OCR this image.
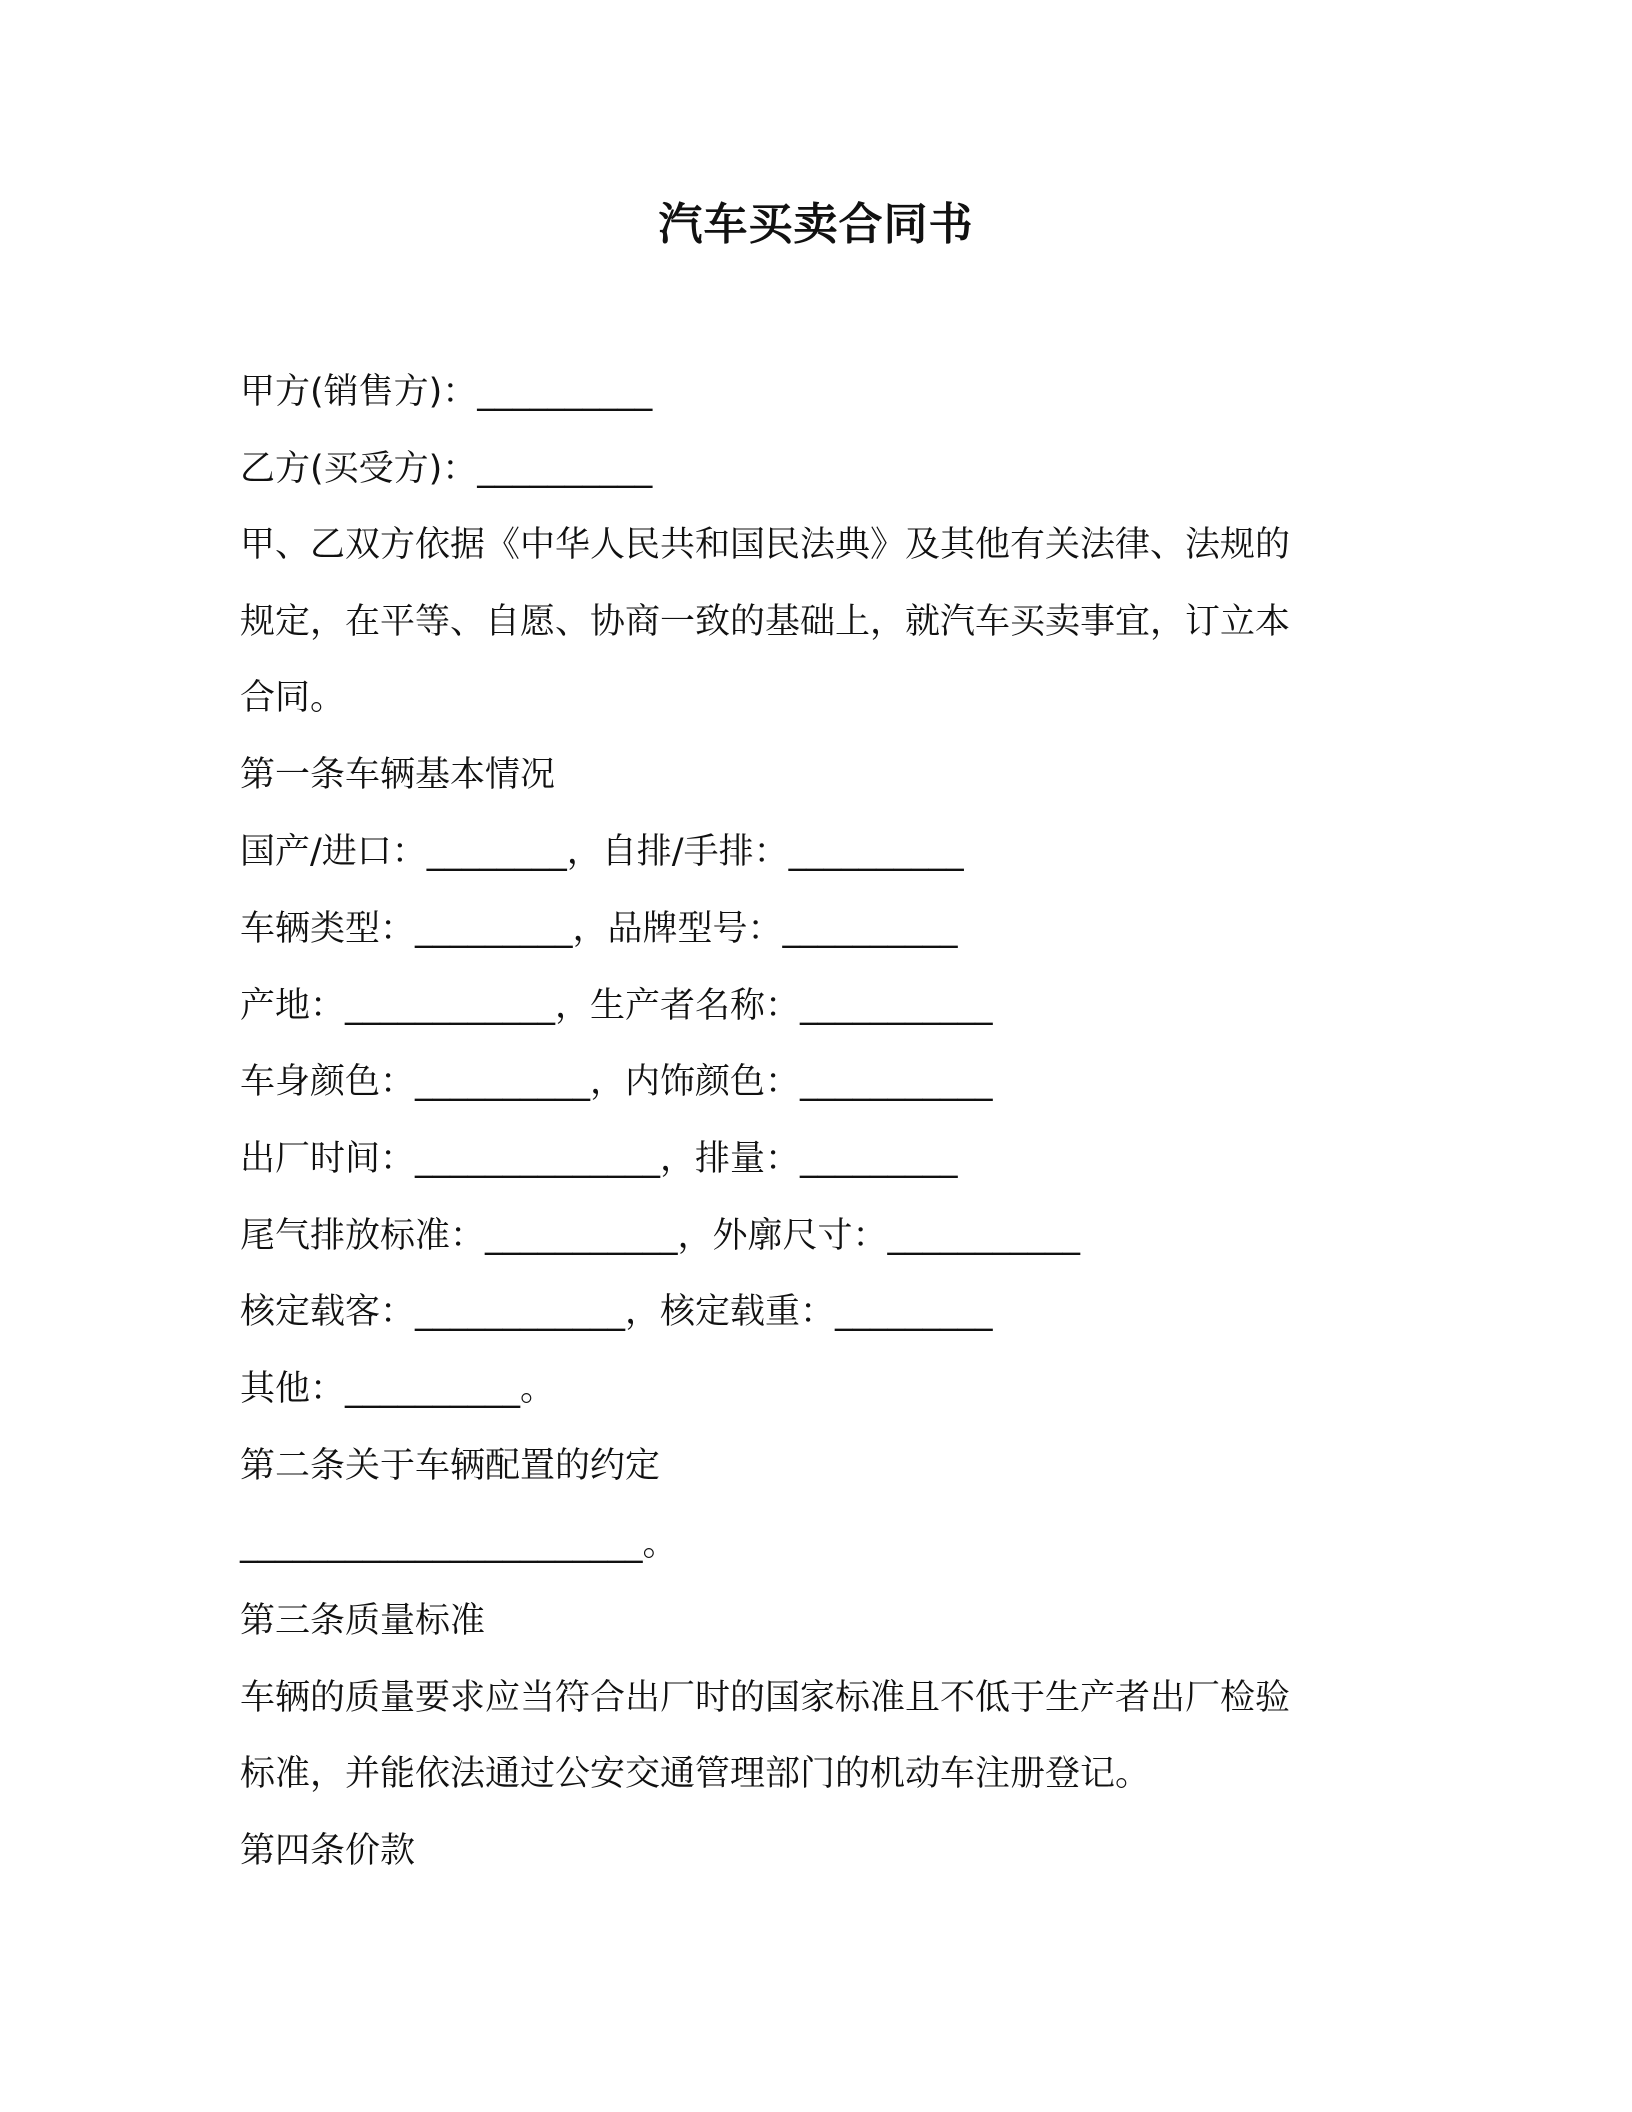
汽车买卖合同书
甲方(销售方)：__________
乙方(买受方)：__________
甲、乙双方依据《中华人民共和国民法典》及其他有关法律、法规的
规定，在平等、自愿、协商一致的基础上，就汽车买卖事宜，订立本
合同。
第一条车辆基本情况
国产/进口：________，自排/手排：__________
车辆类型：_________，品牌型号：__________
产地：____________，生产者名称：___________
车身颜色：__________，内饰颜色：___________
出厂时间：______________，排量：_________
尾气排放标准：___________，外廓尺寸：___________
核定载客：____________，核定载重：_________
其他：__________。
第二条关于车辆配置的约定
_______________________。
第三条质量标准
车辆的质量要求应当符合出厂时的国家标准且不低于生产者出厂检验
标准，并能依法通过公安交通管理部门的机动车注册登记。
第四条价款
